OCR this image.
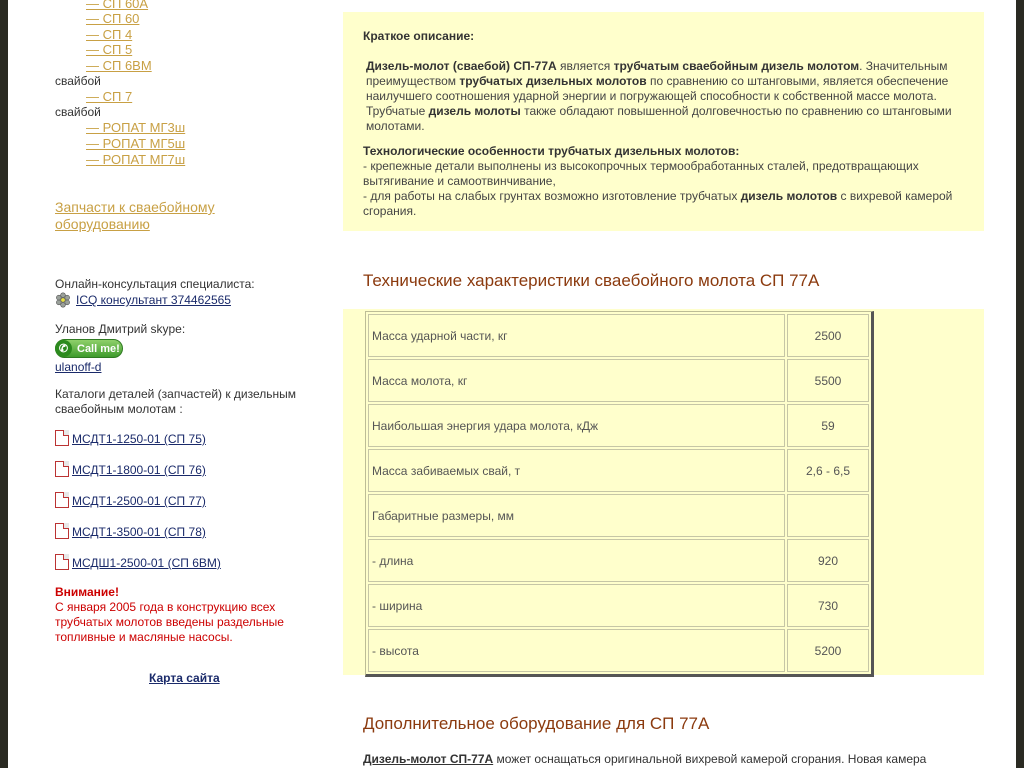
— СП 60А
— СП 60
— СП 4
— СП 5
— СП 6ВМ
свайбой
— СП 7
свайбой
— РОПАТ МГ3ш
— РОПАТ МГ5ш
— РОПАТ МГ7ш
Запчасти к сваебойному оборудованию
Онлайн-консультация специалиста:
ICQ консультант 374462565
Уланов Дмитрий skype:
✆ Call me!
ulanoff-d
Каталоги деталей (запчастей) к дизельным сваебойным молотам :
МСДТ1-1250-01 (СП 75)
МСДТ1-1800-01 (СП 76)
МСДТ1-2500-01 (СП 77)
МСДТ1-3500-01 (СП 78)
МСДШ1-2500-01 (СП 6ВМ)
Внимание!
С января 2005 года в конструкцию всех трубчатых молотов введены раздельные топливные и масляные насосы.
Карта сайта
Краткое описание:
Дизель-молот (сваебой) СП-77А является трубчатым сваебойным дизель молотом. Значительным преимуществом трубчатых дизельных молотов по сравнению со штанговыми, является обеспечение наилучшего соотношения ударной энергии и погружающей способности к собственной массе молота. Трубчатые дизель молоты также обладают повышенной долговечностью по сравнению со штанговыми молотами.
Технологические особенности трубчатых дизельных молотов:
- крепежные детали выполнены из высокопрочных термообработанных сталей, предотвращающих вытягивание и самоотвинчивание,
- для работы на слабых грунтах возможно изготовление трубчатых дизель молотов с вихревой камерой сгорания.
Технические характеристики сваебойного молота СП 77А
Масса ударной части, кг	2500
Масса молота, кг	5500
Наибольшая энергия удара молота, кДж	59
Масса забиваемых свай, т	2,6 - 6,5
Габаритные размеры, мм	
- длина	920
- ширина	730
- высота	5200
Дополнительное оборудование для СП 77А
Дизель-молот СП-77А может оснащаться оригинальной вихревой камерой сгорания. Новая камера
